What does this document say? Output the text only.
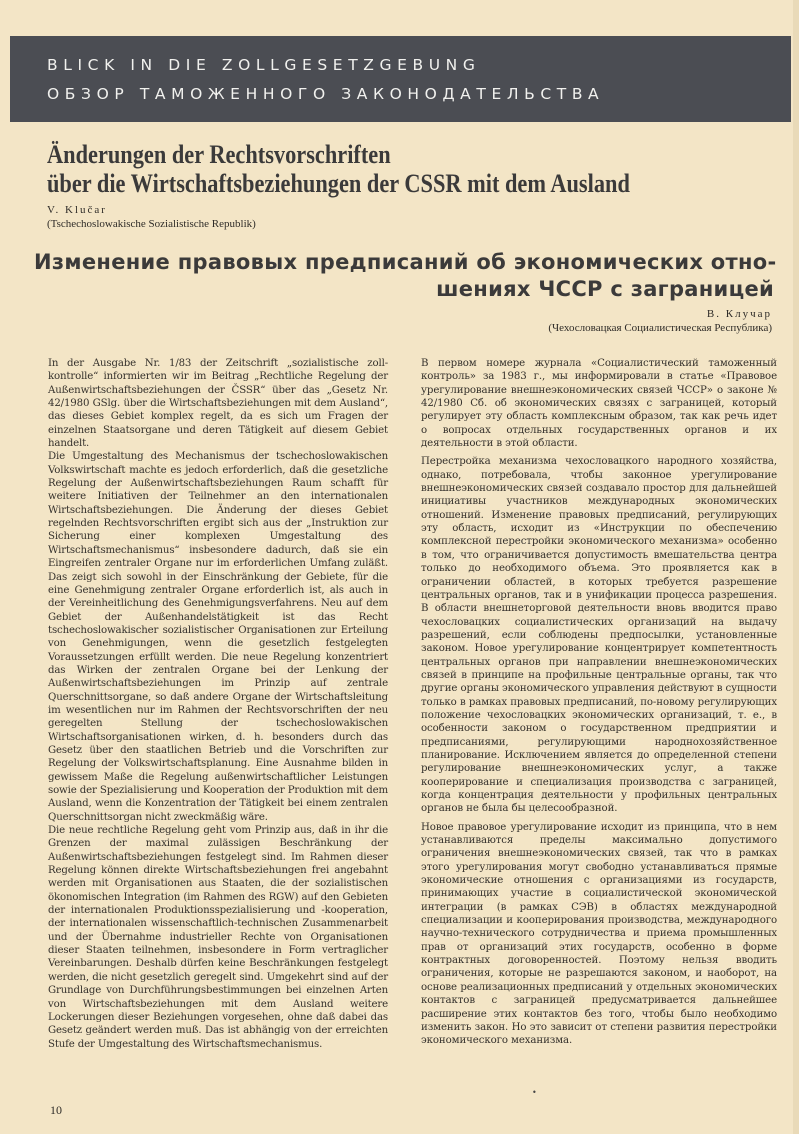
BLICK IN DIE ZOLLGESETZGEBUNG
ОБЗОР ТАМОЖЕННОГО ЗАКОНОДАТЕЛЬСТВА
Änderungen der Rechtsvorschriften
über die Wirtschaftsbeziehungen der CSSR mit dem Ausland
V. Klučar
(Tschechoslowakische Sozialistische Republik)
Изменение правовых предписаний об экономических отно-
шениях ЧССР с заграницей
В. Клучар
(Чехословацкая Социалистическая Республика)

In der Ausgabe Nr. 1/83 der Zeitschrift „sozialistische zoll-kontrolle“ informierten wir im Beitrag „Rechtliche Regelung der Außenwirtschaftsbeziehungen der ČSSR“ über das „Gesetz Nr. 42/1980 GSlg. über die Wirtschaftsbeziehungen mit dem Ausland“, das dieses Gebiet komplex regelt, da es sich um Fragen der einzelnen Staatsorgane und deren Tätigkeit auf diesem Gebiet handelt.

Die Umgestaltung des Mechanismus der tschechoslowakischen Volkswirtschaft machte es jedoch erforderlich, daß die gesetzliche Regelung der Außenwirtschaftsbeziehungen Raum schafft für weitere Initiativen der Teilnehmer an den internationalen Wirtschaftsbeziehungen. Die Änderung der dieses Gebiet regelnden Rechtsvorschriften ergibt sich aus der „Instruktion zur Sicherung einer komplexen Umgestaltung des Wirtschaftsmechanismus“ insbesondere dadurch, daß sie ein Eingreifen zentraler Organe nur im erforderlichen Umfang zuläßt. Das zeigt sich sowohl in der Einschränkung der Gebiete, für die eine Genehmigung zentraler Organe erforderlich ist, als auch in der Vereinheitlichung des Genehmigungsverfahrens. Neu auf dem Gebiet der Außenhandelstätigkeit ist das Recht tschechoslowakischer sozialistischer Organisationen zur Erteilung von Genehmigungen, wenn die gesetzlich festgelegten Voraussetzungen erfüllt werden. Die neue Regelung konzentriert das Wirken der zentralen Organe bei der Lenkung der Außenwirtschaftsbeziehungen im Prinzip auf zentrale Querschnittsorgane, so daß andere Organe der Wirtschaftsleitung im wesentlichen nur im Rahmen der Rechtsvorschriften der neu geregelten Stellung der tschechoslowakischen Wirtschaftsorganisationen wirken, d. h. besonders durch das Gesetz über den staatlichen Betrieb und die Vorschriften zur Regelung der Volkswirtschaftsplanung. Eine Ausnahme bilden in gewissem Maße die Regelung außenwirtschaftlicher Leistungen sowie der Spezialisierung und Kooperation der Produktion mit dem Ausland, wenn die Konzentration der Tätigkeit bei einem zentralen Querschnittsorgan nicht zweckmäßig wäre.

Die neue rechtliche Regelung geht vom Prinzip aus, daß in ihr die Grenzen der maximal zulässigen Beschränkung der Außenwirtschaftsbeziehungen festgelegt sind. Im Rahmen dieser Regelung können direkte Wirtschaftsbeziehungen frei angebahnt werden mit Organisationen aus Staaten, die der sozialistischen ökonomischen Integration (im Rahmen des RGW) auf den Gebieten der internationalen Produktionsspezialisierung und -kooperation, der internationalen wissenschaftlich-technischen Zusammenarbeit und der Übernahme industrieller Rechte von Organisationen dieser Staaten teilnehmen, insbesondere in Form vertraglicher Vereinbarungen. Deshalb dürfen keine Beschränkungen festgelegt werden, die nicht gesetzlich geregelt sind. Umgekehrt sind auf der Grundlage von Durchführungsbestimmungen bei einzelnen Arten von Wirtschaftsbeziehungen mit dem Ausland weitere Lockerungen dieser Beziehungen vorgesehen, ohne daß dabei das Gesetz geändert werden muß. Das ist abhängig von der erreichten Stufe der Umgestaltung des Wirtschaftsmechanismus.

В первом номере журнала «Социалистический таможенный контроль» за 1983 г., мы информировали в статье «Правовое урегулирование внешнеэкономических связей ЧССР» о законе № 42/1980 Сб. об экономических связях с заграницей, который регулирует эту область комплексным образом, так как речь идет о вопросах отдельных государственных органов и их деятельности в этой области.

Перестройка механизма чехословацкого народного хозяйства, однако, потребовала, чтобы законное урегулирование внешнеэкономических связей создавало простор для дальнейшей инициативы участников международных экономических отношений. Изменение правовых предписаний, регулирующих эту область, исходит из «Инструкции по обеспечению комплексной перестройки экономического механизма» особенно в том, что ограничивается допустимость вмешательства центра только до необходимого объема. Это проявляется как в ограничении областей, в которых требуется разрешение центральных органов, так и в унификации процесса разрешения. В области внешнеторговой деятельности вновь вводится право чехословацких социалистических организаций на выдачу разрешений, если соблюдены предпосылки, установленные законом. Новое урегулирование концентрирует компетентность центральных органов при направлении внешнеэкономических связей в принципе на профильные центральные органы, так что другие органы экономического управления действуют в сущности только в рамках правовых предписаний, по-новому регулирующих положение чехословацких экономических организаций, т. е., в особенности законом о государственном предприятии и предписаниями, регулирующими народнохозяйственное планирование. Исключением является до определенной степени регулирование внешнеэкономических услуг, а также кооперирование и специализация производства с заграницей, когда концентрация деятельности у профильных центральных органов не была бы целесообразной.

Новое правовое урегулирование исходит из принципа, что в нем устанавливаются пределы максимально допустимого ограничения внешнеэкономических связей, так что в рамках этого урегулирования могут свободно устанавливаться прямые экономические отношения с организациями из государств, принимающих участие в социалистической экономической интеграции (в рамках СЭВ) в областях международной специализации и кооперирования производства, международного научно-технического сотрудничества и приема промышленных прав от организаций этих государств, особенно в форме контрактных договоренностей. Поэтому нельзя вводить ограничения, которые не разрешаются законом, и наоборот, на основе реализационных предписаний у отдельных экономических контактов с заграницей предусматривается дальнейшее расширение этих контактов без того, чтобы было необходимо изменить закон. Но это зависит от степени развития перестройки экономического механизма.

•
10
